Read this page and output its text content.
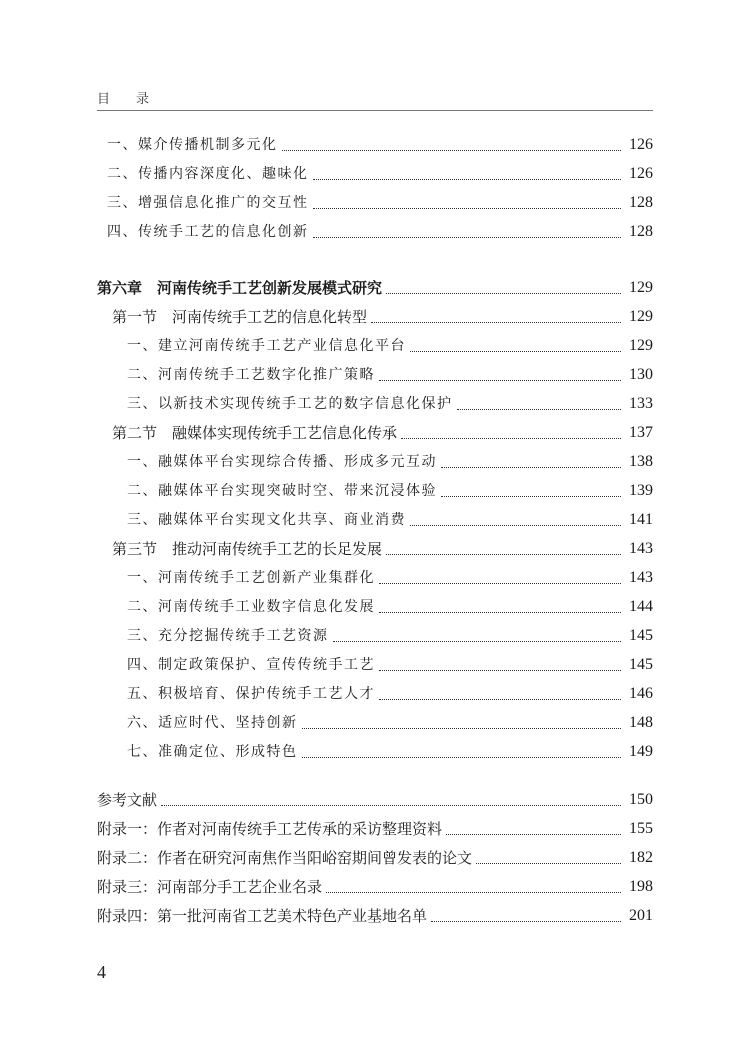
目 录
一、媒介传播机制多元化	126
二、传播内容深度化、趣味化	126
三、增强信息化推广的交互性	128
四、传统手工艺的信息化创新	128
第六章　河南传统手工艺创新发展模式研究	129
第一节　河南传统手工艺的信息化转型	129
一、建立河南传统手工艺产业信息化平台	129
二、河南传统手工艺数字化推广策略	130
三、以新技术实现传统手工艺的数字信息化保护	133
第二节　融媒体实现传统手工艺信息化传承	137
一、融媒体平台实现综合传播、形成多元互动	138
二、融媒体平台实现突破时空、带来沉浸体验	139
三、融媒体平台实现文化共享、商业消费	141
第三节　推动河南传统手工艺的长足发展	143
一、河南传统手工艺创新产业集群化	143
二、河南传统手工业数字信息化发展	144
三、充分挖掘传统手工艺资源	145
四、制定政策保护、宣传传统手工艺	145
五、积极培育、保护传统手工艺人才	146
六、适应时代、坚持创新	148
七、准确定位、形成特色	149
参考文献	150
附录一：作者对河南传统手工艺传承的采访整理资料	155
附录二：作者在研究河南焦作当阳峪窑期间曾发表的论文	182
附录三：河南部分手工艺企业名录	198
附录四：第一批河南省工艺美术特色产业基地名单	201
4
